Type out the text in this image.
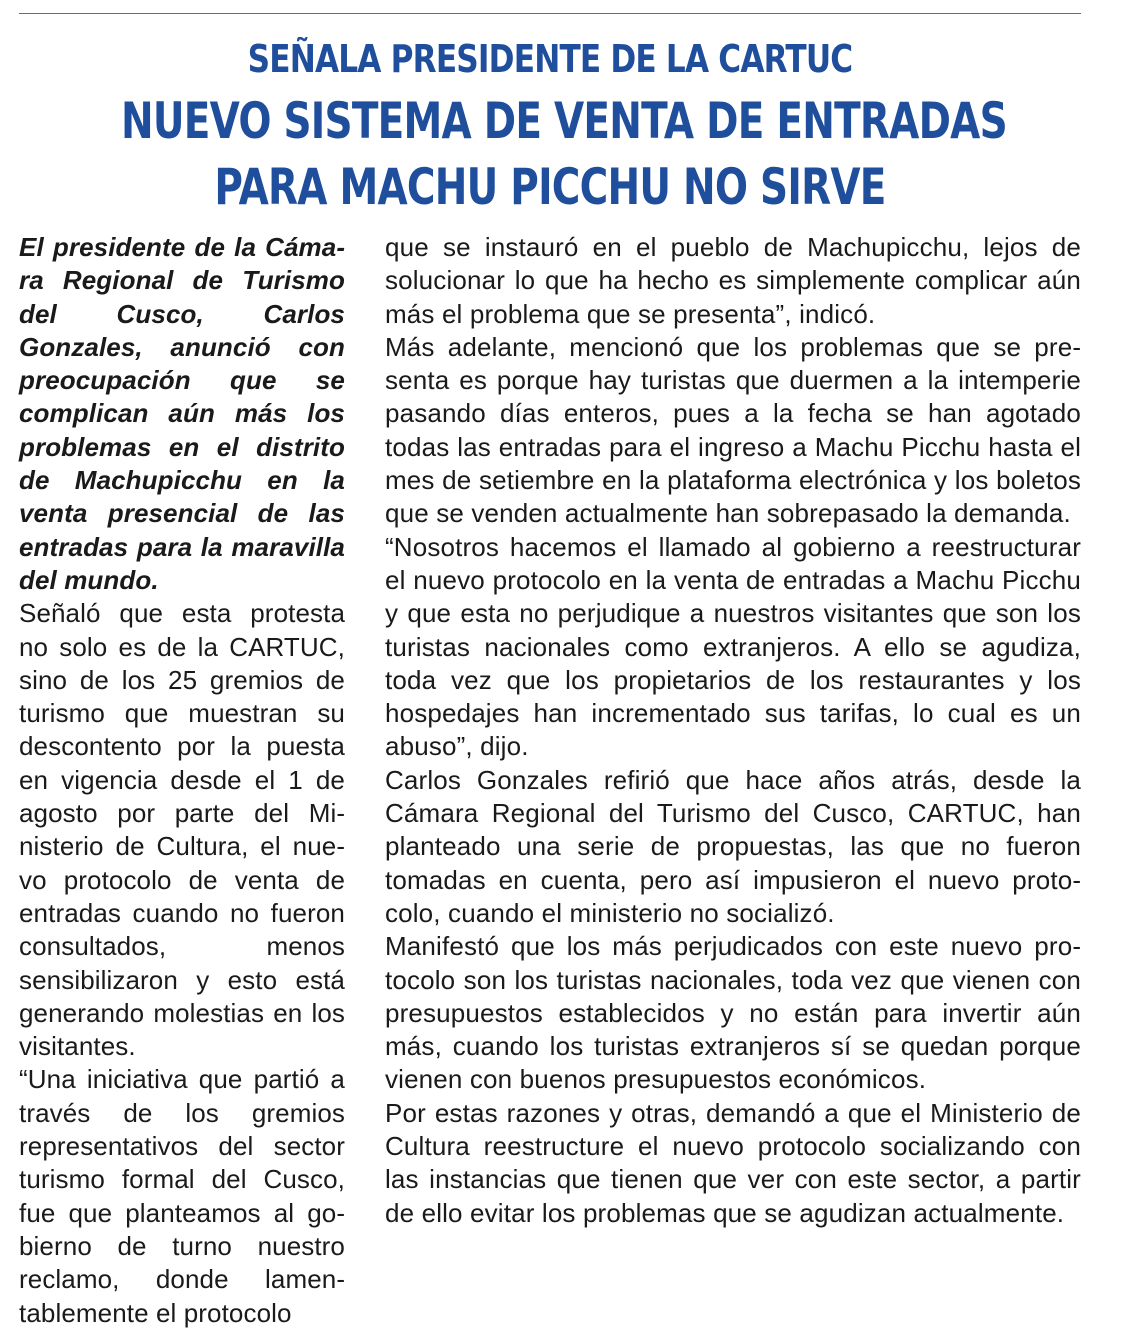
SEÑALA PRESIDENTE DE LA CARTUC
NUEVO SISTEMA DE VENTA DE ENTRADAS
PARA MACHU PICCHU NO SIRVE

El presidente de la Cámara Regional de Turismo del Cusco, Carlos Gonzales, anunció con preocupación que se complican aún más los problemas en el distrito de Machupicchu en la venta presencial de las entradas para la maravilla del mundo.

Señaló que esta protesta no solo es de la CARTUC, sino de los 25 gremios de turismo que muestran su descontento por la puesta en vigencia desde el 1 de agosto por parte del Ministerio de Cultura, el nuevo protocolo de venta de entradas cuando no fueron consultados, menos sensibilizaron y esto está generando molestias en los visitantes.

“Una iniciativa que partió a través de los gremios representativos del sector turismo formal del Cusco, fue que planteamos al gobierno de turno nuestro reclamo, donde lamentablemente el protocolo

que se instauró en el pueblo de Machupicchu, lejos de solucionar lo que ha hecho es simplemente complicar aún más el problema que se presenta”, indicó.

Más adelante, mencionó que los problemas que se presenta es porque hay turistas que duermen a la intemperie pasando días enteros, pues a la fecha se han agotado todas las entradas para el ingreso a Machu Picchu hasta el mes de setiembre en la plataforma electrónica y los boletos que se venden actualmente han sobrepasado la demanda.

“Nosotros hacemos el llamado al gobierno a reestructurar el nuevo protocolo en la venta de entradas a Machu Picchu y que esta no perjudique a nuestros visitantes que son los turistas nacionales como extranjeros. A ello se agudiza, toda vez que los propietarios de los restaurantes y los hospedajes han incrementado sus tarifas, lo cual es un abuso”, dijo.

Carlos Gonzales refirió que hace años atrás, desde la Cámara Regional del Turismo del Cusco, CARTUC, han planteado una serie de propuestas, las que no fueron tomadas en cuenta, pero así impusieron el nuevo protocolo, cuando el ministerio no socializó.

Manifestó que los más perjudicados con este nuevo protocolo son los turistas nacionales, toda vez que vienen con presupuestos establecidos y no están para invertir aún más, cuando los turistas extranjeros sí se quedan porque vienen con buenos presupuestos económicos.

Por estas razones y otras, demandó a que el Ministerio de Cultura reestructure el nuevo protocolo socializando con las instancias que tienen que ver con este sector, a partir de ello evitar los problemas que se agudizan actualmente.
